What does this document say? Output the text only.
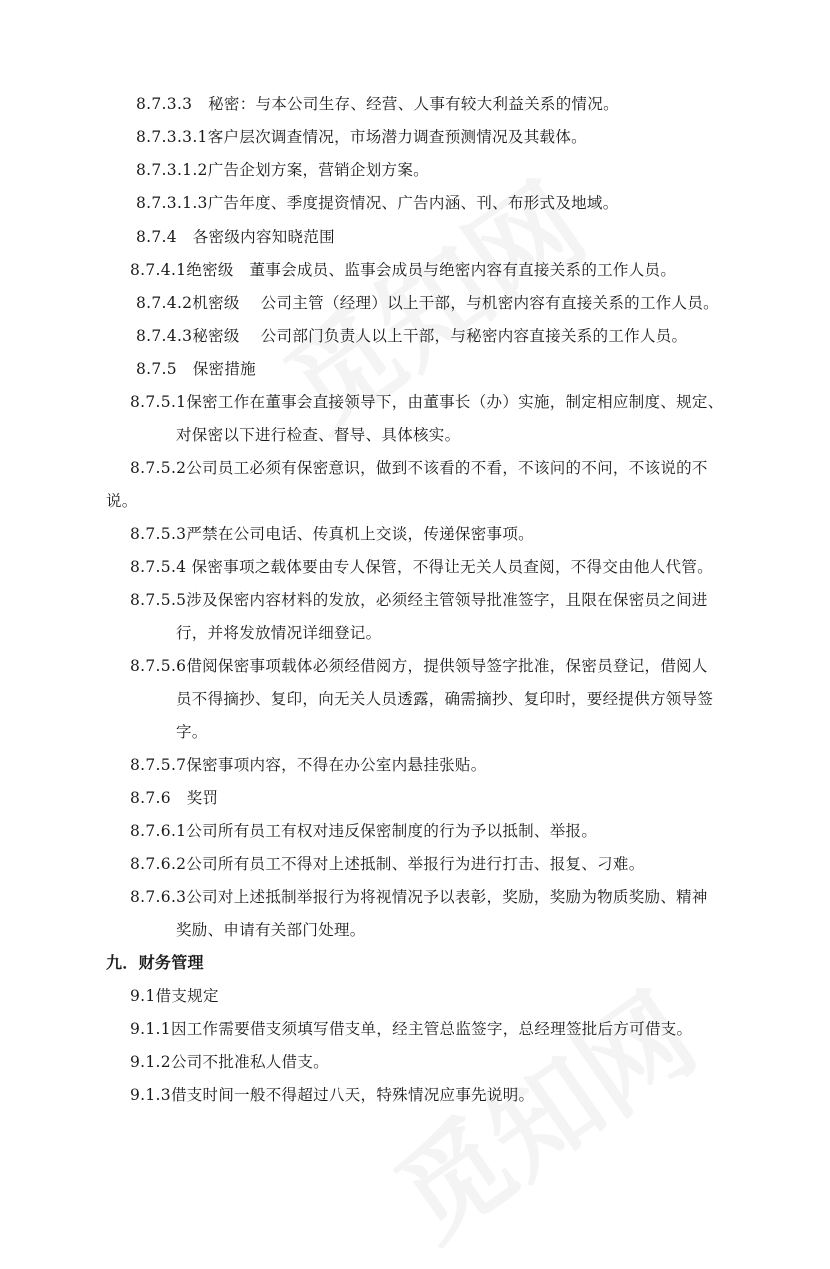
8.7.3.3　秘密：与本公司生存、经营、人事有较大利益关系的情况。
8.7.3.3.1客户层次调查情况，市场潜力调查预测情况及其载体。
8.7.3.1.2广告企划方案，营销企划方案。
8.7.3.1.3广告年度、季度提资情况、广告内涵、刊、布形式及地域。
8.7.4　各密级内容知晓范围
8.7.4.1绝密级　董事会成员、监事会成员与绝密内容有直接关系的工作人员。
8.7.4.2机密级　 公司主管（经理）以上干部，与机密内容有直接关系的工作人员。
8.7.4.3秘密级　 公司部门负责人以上干部，与秘密内容直接关系的工作人员。
8.7.5　保密措施
8.7.5.1保密工作在董事会直接领导下，由董事长（办）实施，制定相应制度、规定、
对保密以下进行检查、督导、具体核实。
8.7.5.2公司员工必须有保密意识，做到不该看的不看，不该问的不问，不该说的不
说。
8.7.5.3严禁在公司电话、传真机上交谈，传递保密事项。
8.7.5.4 保密事项之载体要由专人保管，不得让无关人员查阅，不得交由他人代管。
8.7.5.5涉及保密内容材料的发放，必须经主管领导批准签字，且限在保密员之间进
行，并将发放情况详细登记。
8.7.5.6借阅保密事项载体必须经借阅方，提供领导签字批准，保密员登记，借阅人
员不得摘抄、复印，向无关人员透露，确需摘抄、复印时，要经提供方领导签
字。
8.7.5.7保密事项内容，不得在办公室内悬挂张贴。
8.7.6　奖罚
8.7.6.1公司所有员工有权对违反保密制度的行为予以抵制、举报。
8.7.6.2公司所有员工不得对上述抵制、举报行为进行打击、报复、刁难。
8.7.6.3公司对上述抵制举报行为将视情况予以表彰，奖励，奖励为物质奖励、精神
奖励、申请有关部门处理。
九．财务管理
9.1借支规定
9.1.1因工作需要借支须填写借支单，经主管总监签字，总经理签批后方可借支。
9.1.2公司不批准私人借支。
9.1.3借支时间一般不得超过八天，特殊情况应事先说明。
